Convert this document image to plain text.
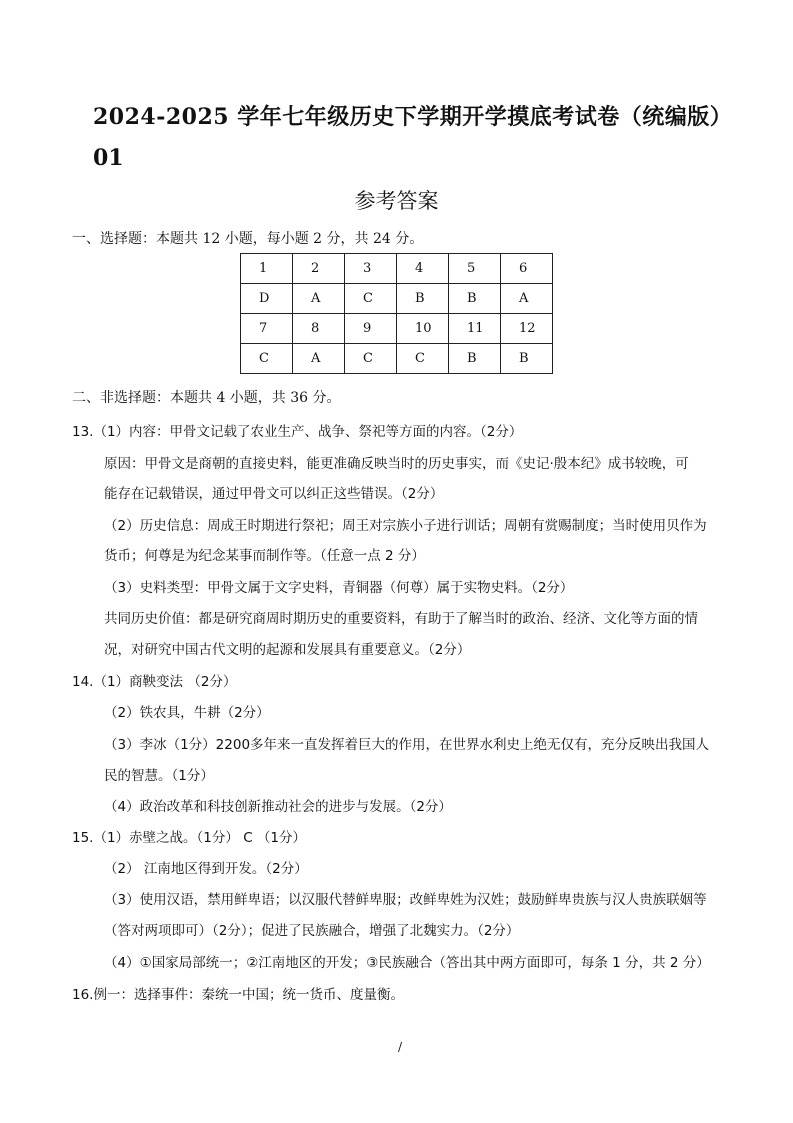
2024-2025 学年七年级历史下学期开学摸底考试卷（统编版）
01
参考答案
一、选择题：本题共 12 小题，每小题 2 分，共 24 分。
1	2	3	4	5	6
D	A	C	B	B	A
7	8	9	10	11	12
C	A	C	C	B	B
二、非选择题：本题共 4 小题，共 36 分。
13.（1）内容：甲骨文记载了农业生产、战争、祭祀等方面的内容。（2分）
原因：甲骨文是商朝的直接史料，能更准确反映当时的历史事实，而《史记·殷本纪》成书较晚，可
能存在记载错误，通过甲骨文可以纠正这些错误。（2分）
（2）历史信息：周成王时期进行祭祀；周王对宗族小子进行训话；周朝有赏赐制度；当时使用贝作为
货币；何尊是为纪念某事而制作等。（任意一点 2 分）
（3）史料类型：甲骨文属于文字史料，青铜器（何尊）属于实物史料。（2分）
共同历史价值：都是研究商周时期历史的重要资料，有助于了解当时的政治、经济、文化等方面的情
况，对研究中国古代文明的起源和发展具有重要意义。（2分）
14.（1）商鞅变法 （2分）
（2）铁农具，牛耕（2分）
（3）李冰（1分）2200多年来一直发挥着巨大的作用，在世界水利史上绝无仅有，充分反映出我国人
民的智慧。（1分）
（4）政治改革和科技创新推动社会的进步与发展。（2分）
15.（1）赤壁之战。（1分） C （1分）
（2） 江南地区得到开发。（2分）
（3）使用汉语，禁用鲜卑语；以汉服代替鲜卑服；改鲜卑姓为汉姓；鼓励鲜卑贵族与汉人贵族联姻等
（答对两项即可）（2分）；促进了民族融合，增强了北魏实力。（2分）
（4）①国家局部统一；②江南地区的开发；③民族融合（答出其中两方面即可，每条 1 分，共 2 分）
16.例一：选择事件：秦统一中国；统一货币、度量衡。
/
